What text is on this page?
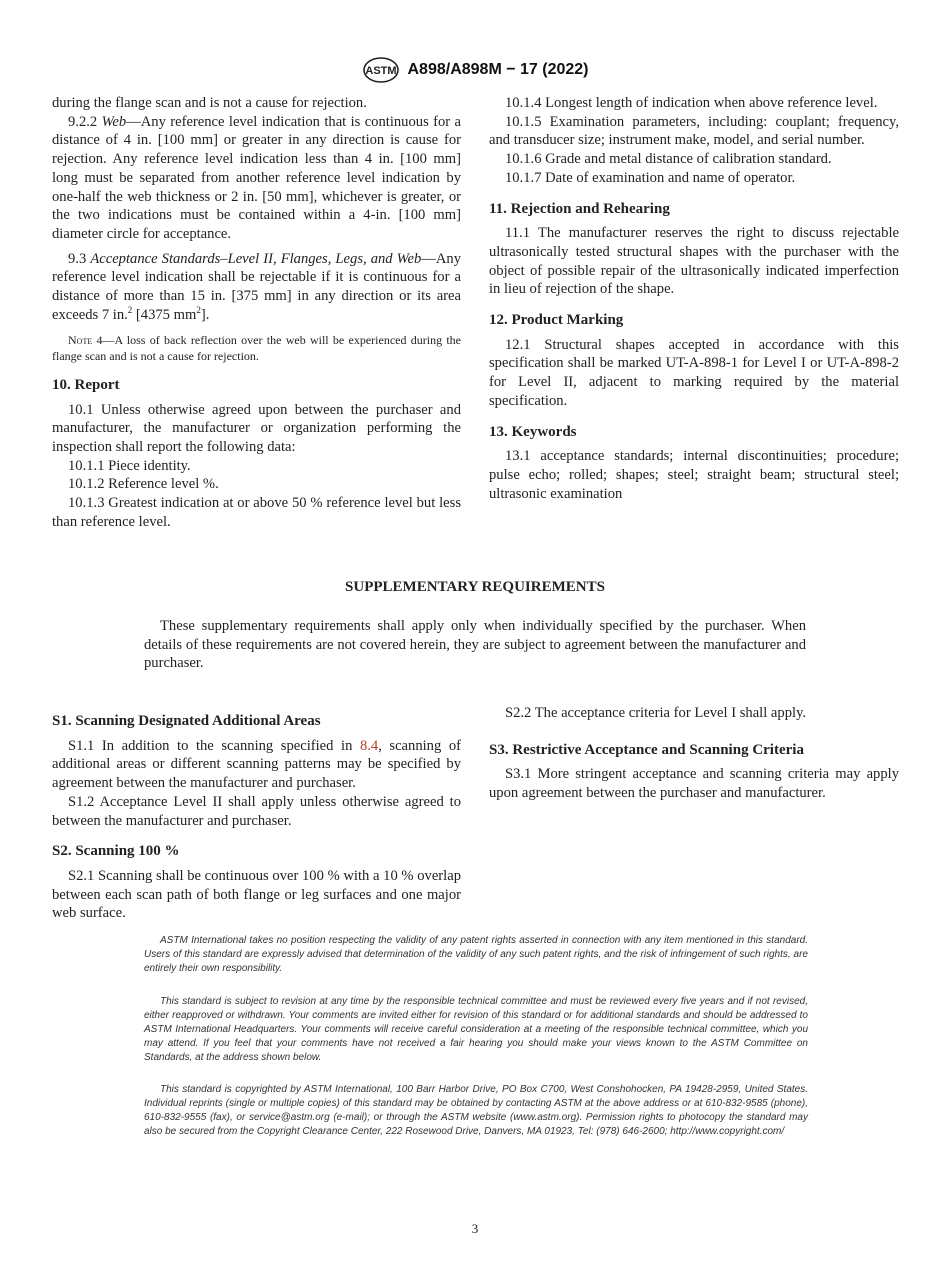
ASTM A898/A898M − 17 (2022)

during the flange scan and is not a cause for rejection.

9.2.2 Web—Any reference level indication that is continuous for a distance of 4 in. [100 mm] or greater in any direction is cause for rejection. Any reference level indication less than 4 in. [100 mm] long must be separated from another reference level indication by one-half the web thickness or 2 in. [50 mm], whichever is greater, or the two indications must be contained within a 4-in. [100 mm] diameter circle for acceptance.

9.3 Acceptance Standards–Level II, Flanges, Legs, and Web—Any reference level indication shall be rejectable if it is continuous for a distance of more than 15 in. [375 mm] in any direction or its area exceeds 7 in.$^2$ [4375 $mm^2$].

Note 4—A loss of back reflection over the web will be experienced during the flange scan and is not a cause for rejection.

10. Report

10.1 Unless otherwise agreed upon between the purchaser and manufacturer, the manufacturer or organization performing the inspection shall report the following data:

10.1.1 Piece identity.

10.1.2 Reference level %.

10.1.3 Greatest indication at or above 50 % reference level but less than reference level.

10.1.4 Longest length of indication when above reference level.

10.1.5 Examination parameters, including: couplant; frequency, and transducer size; instrument make, model, and serial number.

10.1.6 Grade and metal distance of calibration standard.

10.1.7 Date of examination and name of operator.

11. Rejection and Rehearing

11.1 The manufacturer reserves the right to discuss rejectable ultrasonically tested structural shapes with the purchaser with the object of possible repair of the ultrasonically indicated imperfection in lieu of rejection of the shape.

12. Product Marking

12.1 Structural shapes accepted in accordance with this specification shall be marked UT-A-898-1 for Level I or UT-A-898-2 for Level II, adjacent to marking required by the material specification.

13. Keywords

13.1 acceptance standards; internal discontinuities; procedure; pulse echo; rolled; shapes; steel; straight beam; structural steel; ultrasonic examination

SUPPLEMENTARY REQUIREMENTS

These supplementary requirements shall apply only when individually specified by the purchaser. When details of these requirements are not covered herein, they are subject to agreement between the manufacturer and purchaser.

S1. Scanning Designated Additional Areas

S1.1 In addition to the scanning specified in 8.4, scanning of additional areas or different scanning patterns may be specified by agreement between the manufacturer and purchaser.

S1.2 Acceptance Level II shall apply unless otherwise agreed to between the manufacturer and purchaser.

S2. Scanning 100 %

S2.1 Scanning shall be continuous over 100 % with a 10 % overlap between each scan path of both flange or leg surfaces and one major web surface.

S2.2 The acceptance criteria for Level I shall apply.

S3. Restrictive Acceptance and Scanning Criteria

S3.1 More stringent acceptance and scanning criteria may apply upon agreement between the purchaser and manufacturer.

ASTM International takes no position respecting the validity of any patent rights asserted in connection with any item mentioned in this standard. Users of this standard are expressly advised that determination of the validity of any such patent rights, and the risk of infringement of such rights, are entirely their own responsibility.

This standard is subject to revision at any time by the responsible technical committee and must be reviewed every five years and if not revised, either reapproved or withdrawn. Your comments are invited either for revision of this standard or for additional standards and should be addressed to ASTM International Headquarters. Your comments will receive careful consideration at a meeting of the responsible technical committee, which you may attend. If you feel that your comments have not received a fair hearing you should make your views known to the ASTM Committee on Standards, at the address shown below.

This standard is copyrighted by ASTM International, 100 Barr Harbor Drive, PO Box C700, West Conshohocken, PA 19428-2959, United States. Individual reprints (single or multiple copies) of this standard may be obtained by contacting ASTM at the above address or at 610-832-9585 (phone), 610-832-9555 (fax), or service@astm.org (e-mail); or through the ASTM website (www.astm.org). Permission rights to photocopy the standard may also be secured from the Copyright Clearance Center, 222 Rosewood Drive, Danvers, MA 01923, Tel: (978) 646-2600; http://www.copyright.com/

3
